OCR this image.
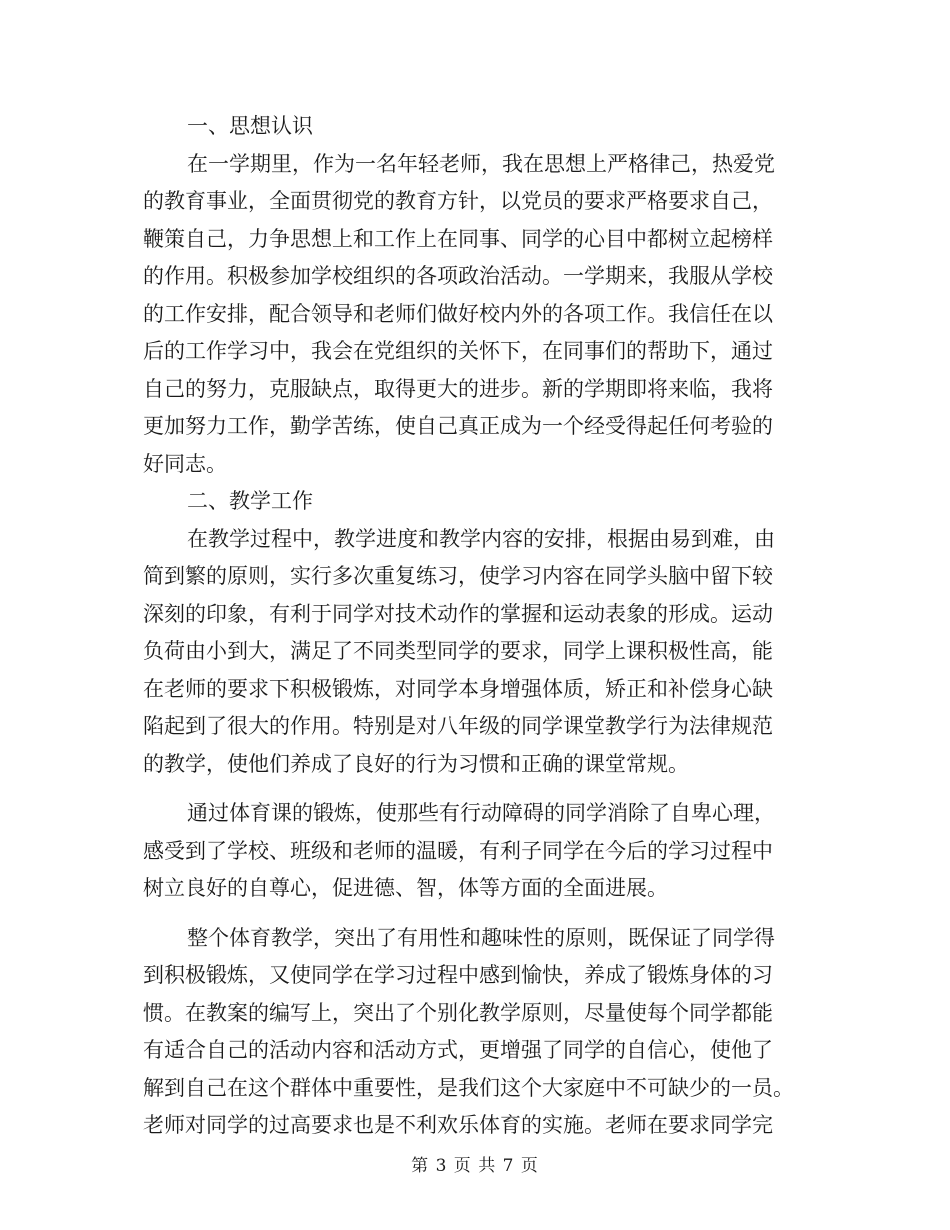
一、思想认识
在一学期里，作为一名年轻老师，我在思想上严格律己，热爱党
的教育事业，全面贯彻党的教育方针，以党员的要求严格要求自己，
鞭策自己，力争思想上和工作上在同事、同学的心目中都树立起榜样
的作用。积极参加学校组织的各项政治活动。一学期来，我服从学校
的工作安排，配合领导和老师们做好校内外的各项工作。我信任在以
后的工作学习中，我会在党组织的关怀下，在同事们的帮助下，通过
自己的努力，克服缺点，取得更大的进步。新的学期即将来临，我将
更加努力工作，勤学苦练，使自己真正成为一个经受得起任何考验的
好同志。
二、教学工作
在教学过程中，教学进度和教学内容的安排，根据由易到难，由
简到繁的原则，实行多次重复练习，使学习内容在同学头脑中留下较
深刻的印象，有利于同学对技术动作的掌握和运动表象的形成。运动
负荷由小到大，满足了不同类型同学的要求，同学上课积极性高，能
在老师的要求下积极锻炼，对同学本身增强体质，矫正和补偿身心缺
陷起到了很大的作用。特别是对八年级的同学课堂教学行为法律规范
的教学，使他们养成了良好的行为习惯和正确的课堂常规。
通过体育课的锻炼，使那些有行动障碍的同学消除了自卑心理，
感受到了学校、班级和老师的温暖，有利子同学在今后的学习过程中
树立良好的自尊心，促进德、智，体等方面的全面进展。
整个体育教学，突出了有用性和趣味性的原则，既保证了同学得
到积极锻炼，又使同学在学习过程中感到愉快，养成了锻炼身体的习
惯。在教案的编写上，突出了个别化教学原则，尽量使每个同学都能
有适合自己的活动内容和活动方式，更增强了同学的自信心，使他了
解到自己在这个群体中重要性，是我们这个大家庭中不可缺少的一员。
老师对同学的过高要求也是不利欢乐体育的实施。老师在要求同学完
第 3 页 共 7 页
